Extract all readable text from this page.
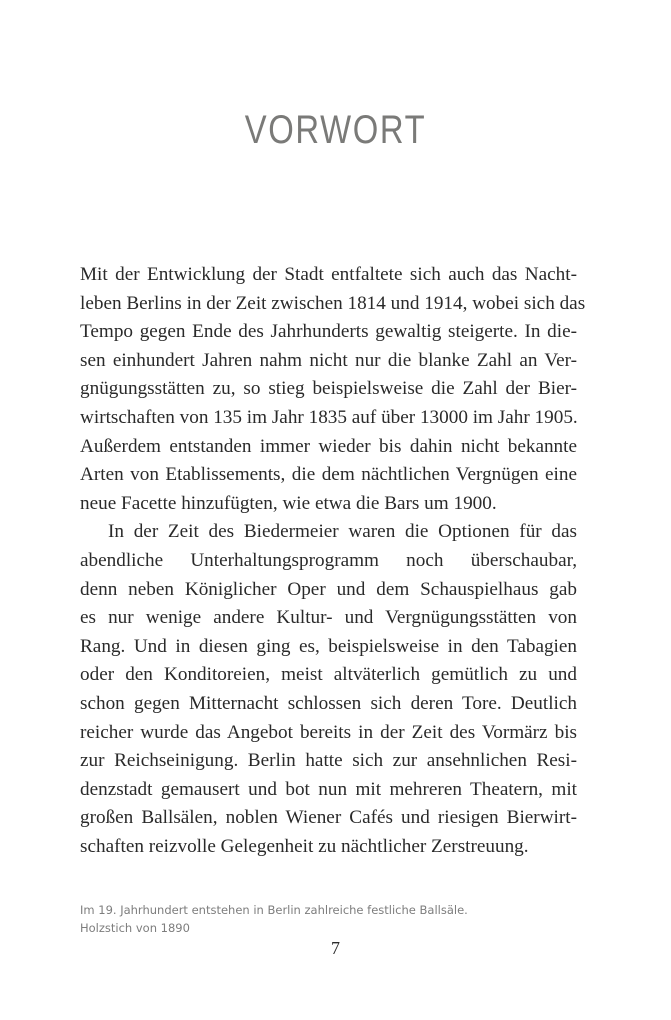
VORWORT
Mit der Entwicklung der Stadt entfaltete sich auch das Nacht-
leben Berlins in der Zeit zwischen 1814 und 1914, wobei sich das
Tempo gegen Ende des Jahrhunderts gewaltig steigerte. In die-
sen einhundert Jahren nahm nicht nur die blanke Zahl an Ver-
gnügungsstätten zu, so stieg beispielsweise die Zahl der Bier-
wirtschaften von 135 im Jahr 1835 auf über 13000 im Jahr 1905.
Außerdem entstanden immer wieder bis dahin nicht bekannte
Arten von Etablissements, die dem nächtlichen Vergnügen eine
neue Facette hinzufügten, wie etwa die Bars um 1900.
In der Zeit des Biedermeier waren die Optionen für das
abendliche Unterhaltungsprogramm noch überschaubar,
denn neben Königlicher Oper und dem Schauspielhaus gab
es nur wenige andere Kultur- und Vergnügungsstätten von
Rang. Und in diesen ging es, beispielsweise in den Tabagien
oder den Konditoreien, meist altväterlich gemütlich zu und
schon gegen Mitternacht schlossen sich deren Tore. Deutlich
reicher wurde das Angebot bereits in der Zeit des Vormärz bis
zur Reichseinigung. Berlin hatte sich zur ansehnlichen Resi-
denzstadt gemausert und bot nun mit mehreren Theatern, mit
großen Ballsälen, noblen Wiener Cafés und riesigen Bierwirt-
schaften reizvolle Gelegenheit zu nächtlicher Zerstreuung.
Im 19. Jahrhundert entstehen in Berlin zahlreiche festliche Ballsäle.
Holzstich von 1890
7
